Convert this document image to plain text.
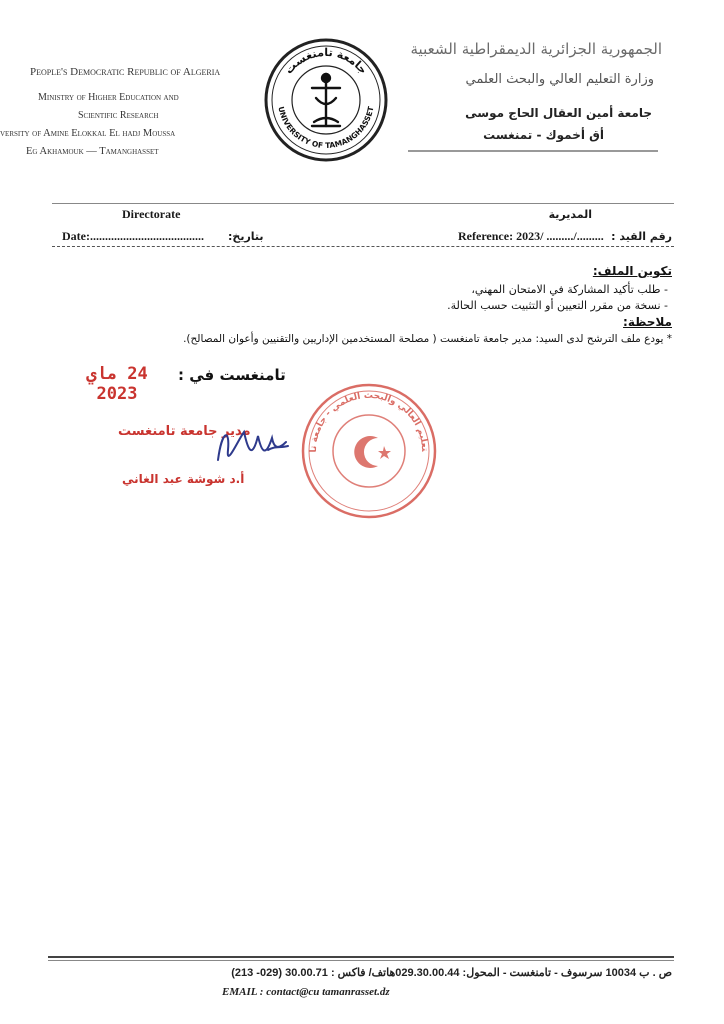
People's Democratic Republic of Algeria
Ministry of Higher Education and
Scientific Research
versity of Amine Elokkal El hadj Moussa
Eg Akhamouk — Tamanghasset
جامعة تامنغست
UNIVERSITY OF TAMANGHASSET
الجمهورية الجزائرية الديمقراطية الشعبية
وزارة التعليم العالي والبحث العلمي
جامعة أمين العقال الحاج موسى
أق أخموك - تمنغست
Directorate	المديرية
Date:...................................... بتاريخ:	Reference: 2023/ ........./......... رقم القيد :
تكوين الملف:
- طلب تأكيد المشاركة في الامتحان المهني،
- نسخة من مقرر التعيين أو التثبيت حسب الحالة.
ملاحظة:
* يودع ملف الترشح لدى السيد: مدير جامعة تامنغست ( مصلحة المستخدمين الإداريين والتقنيين وأعوان المصالح).
تامنغست في :
24 ماي 2023
مدير جامعة تامنغست
أ.د شوشة عبد الغاني
تعليم العالي والبحث العلمي - جامعة تا
ص . ب 10034 سرسوف - تامنغست - المحول: 029.30.00.44هاتف/ فاكس : 30.00.71 (029- 213)
EMAIL : contact@cu tamanrasset.dz
